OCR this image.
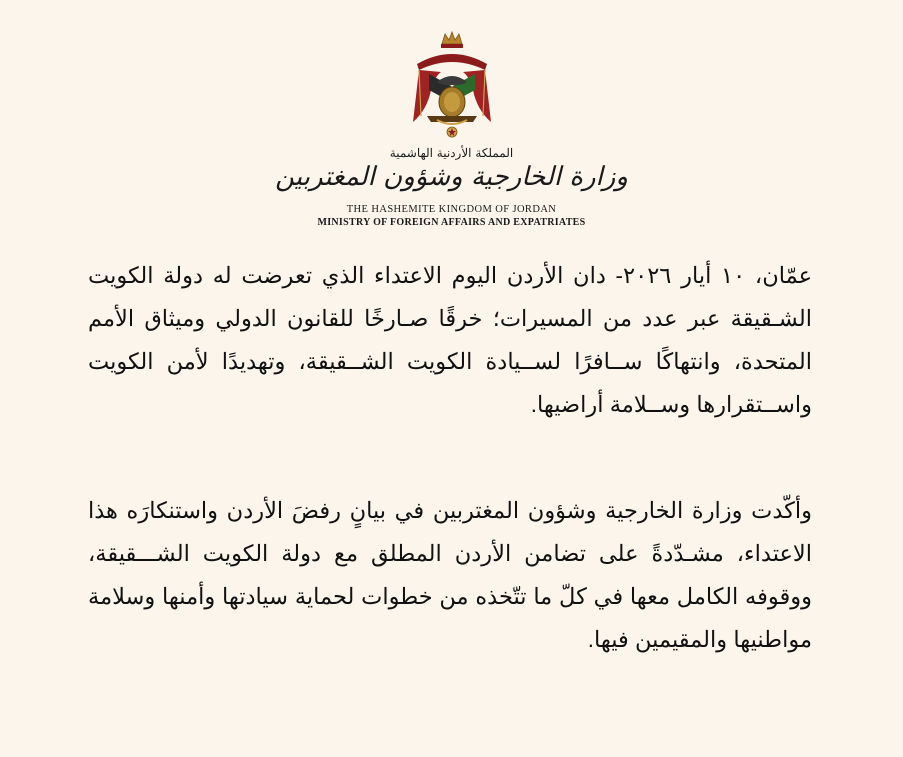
المملكة الأردنية الهاشمية
وزارة الخارجية وشؤون المغتربين
THE HASHEMITE KINGDOM OF JORDAN
MINISTRY OF FOREIGN AFFAIRS AND EXPATRIATES

عمّان، ١٠ أيار ٢٠٢٦- دان الأردن اليوم الاعتداء الذي تعرضت له دولة الكويت الشـقيقة عبر عدد من المسيرات؛ خرقًا صـارخًا للقانون الدولي وميثاق الأمم المتحدة، وانتهاكًا ســافرًا لســيادة الكويت الشــقيقة، وتهديدًا لأمن الكويت واســتقرارها وســلامة أراضيها.

وأكّدت وزارة الخارجية وشؤون المغتربين في بيانٍ رفضَ الأردن واستنكارَه هذا الاعتداء، مشـدّدةً على تضامن الأردن المطلق مع دولة الكويت الشـــقيقة، ووقوفه الكامل معها في كلّ ما تتّخذه من خطوات لحماية سيادتها وأمنها وسلامة مواطنيها والمقيمين فيها.
